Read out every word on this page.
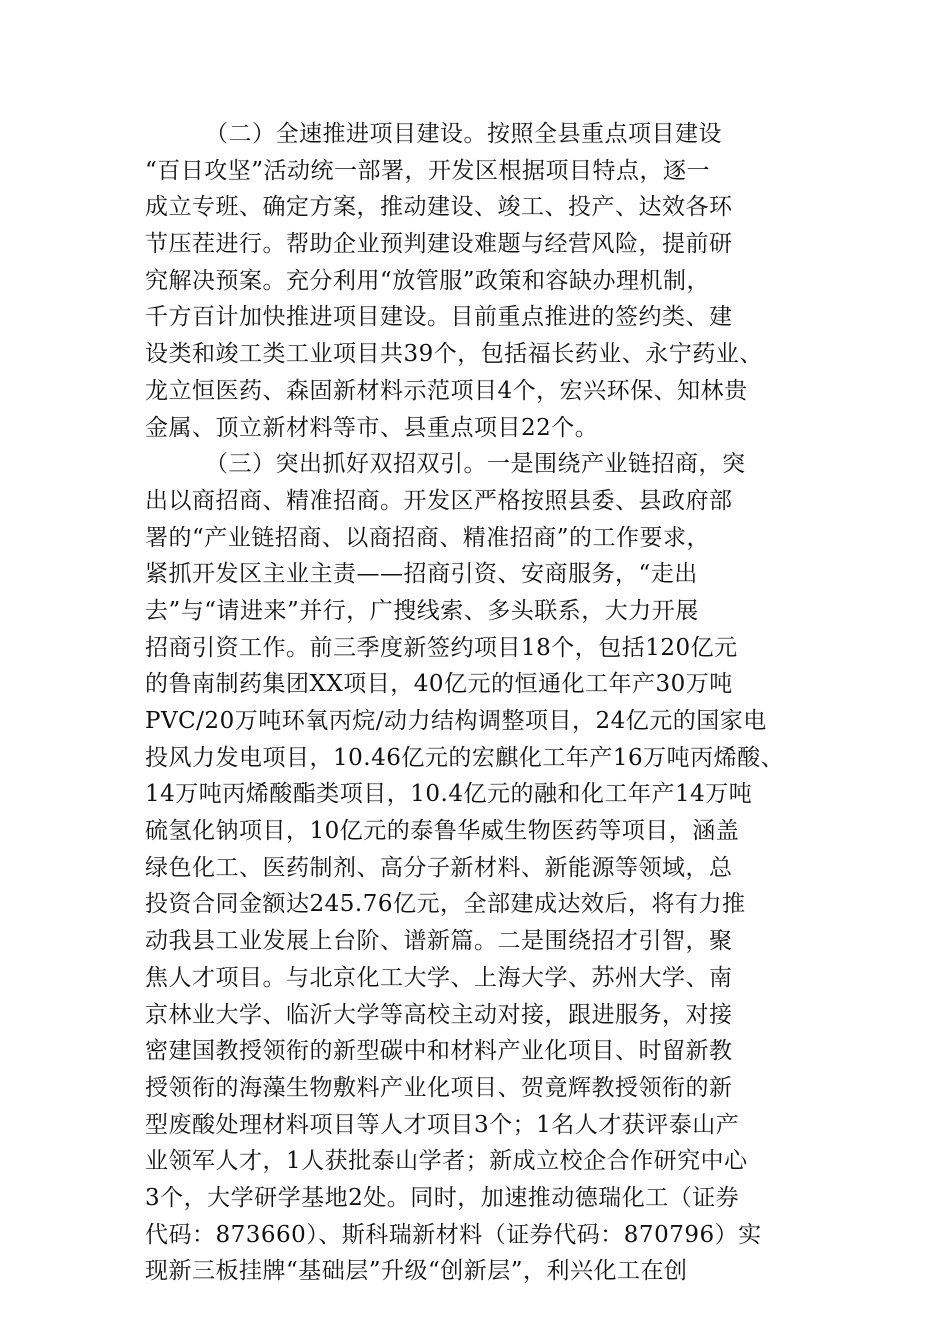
（二）全速推进项目建设。按照全县重点项目建设
“百日攻坚”活动统一部署，开发区根据项目特点，逐一
成立专班、确定方案，推动建设、竣工、投产、达效各环
节压茬进行。帮助企业预判建设难题与经营风险，提前研
究解决预案。充分利用“放管服”政策和容缺办理机制，
千方百计加快推进项目建设。目前重点推进的签约类、建
设类和竣工类工业项目共39个，包括福长药业、永宁药业、
龙立恒医药、森固新材料示范项目4个，宏兴环保、知林贵
金属、顶立新材料等市、县重点项目22个。
（三）突出抓好双招双引。一是围绕产业链招商，突
出以商招商、精准招商。开发区严格按照县委、县政府部
署的“产业链招商、以商招商、精准招商”的工作要求，
紧抓开发区主业主责——招商引资、安商服务，“走出
去”与“请进来”并行，广搜线索、多头联系，大力开展
招商引资工作。前三季度新签约项目18个，包括120亿元
的鲁南制药集团XX项目，40亿元的恒通化工年产30万吨
PVC/20万吨环氧丙烷/动力结构调整项目，24亿元的国家电
投风力发电项目，10.46亿元的宏麒化工年产16万吨丙烯酸、
14万吨丙烯酸酯类项目，10.4亿元的融和化工年产14万吨
硫氢化钠项目，10亿元的泰鲁华威生物医药等项目，涵盖
绿色化工、医药制剂、高分子新材料、新能源等领域，总
投资合同金额达245.76亿元，全部建成达效后，将有力推
动我县工业发展上台阶、谱新篇。二是围绕招才引智，聚
焦人才项目。与北京化工大学、上海大学、苏州大学、南
京林业大学、临沂大学等高校主动对接，跟进服务，对接
密建国教授领衔的新型碳中和材料产业化项目、时留新教
授领衔的海藻生物敷料产业化项目、贺竟辉教授领衔的新
型废酸处理材料项目等人才项目3个；1名人才获评泰山产
业领军人才，1人获批泰山学者；新成立校企合作研究中心
3个，大学研学基地2处。同时，加速推动德瑞化工（证券
代码：873660）、斯科瑞新材料（证券代码：870796）实
现新三板挂牌“基础层”升级“创新层”，利兴化工在创
